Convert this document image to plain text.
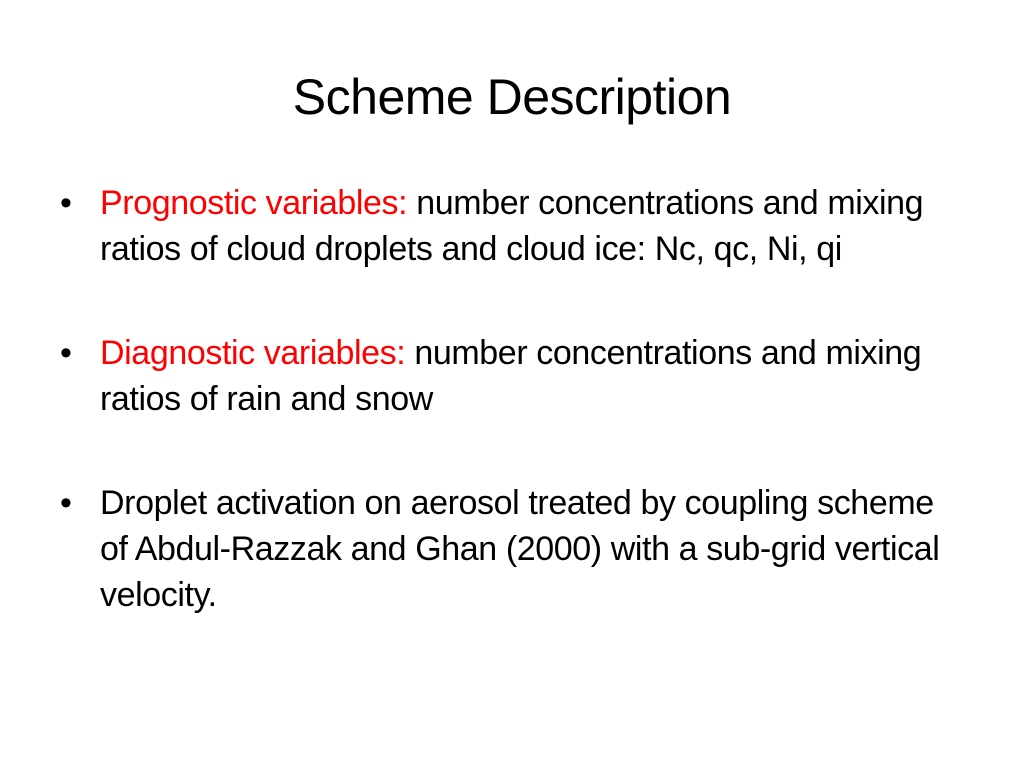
Scheme Description
• Prognostic variables: number concentrations and mixing ratios of cloud droplets and cloud ice: Nc, qc, Ni, qi
• Diagnostic variables: number concentrations and mixing ratios of rain and snow
• Droplet activation on aerosol treated by coupling scheme of Abdul-Razzak and Ghan (2000) with a sub-grid vertical velocity.
